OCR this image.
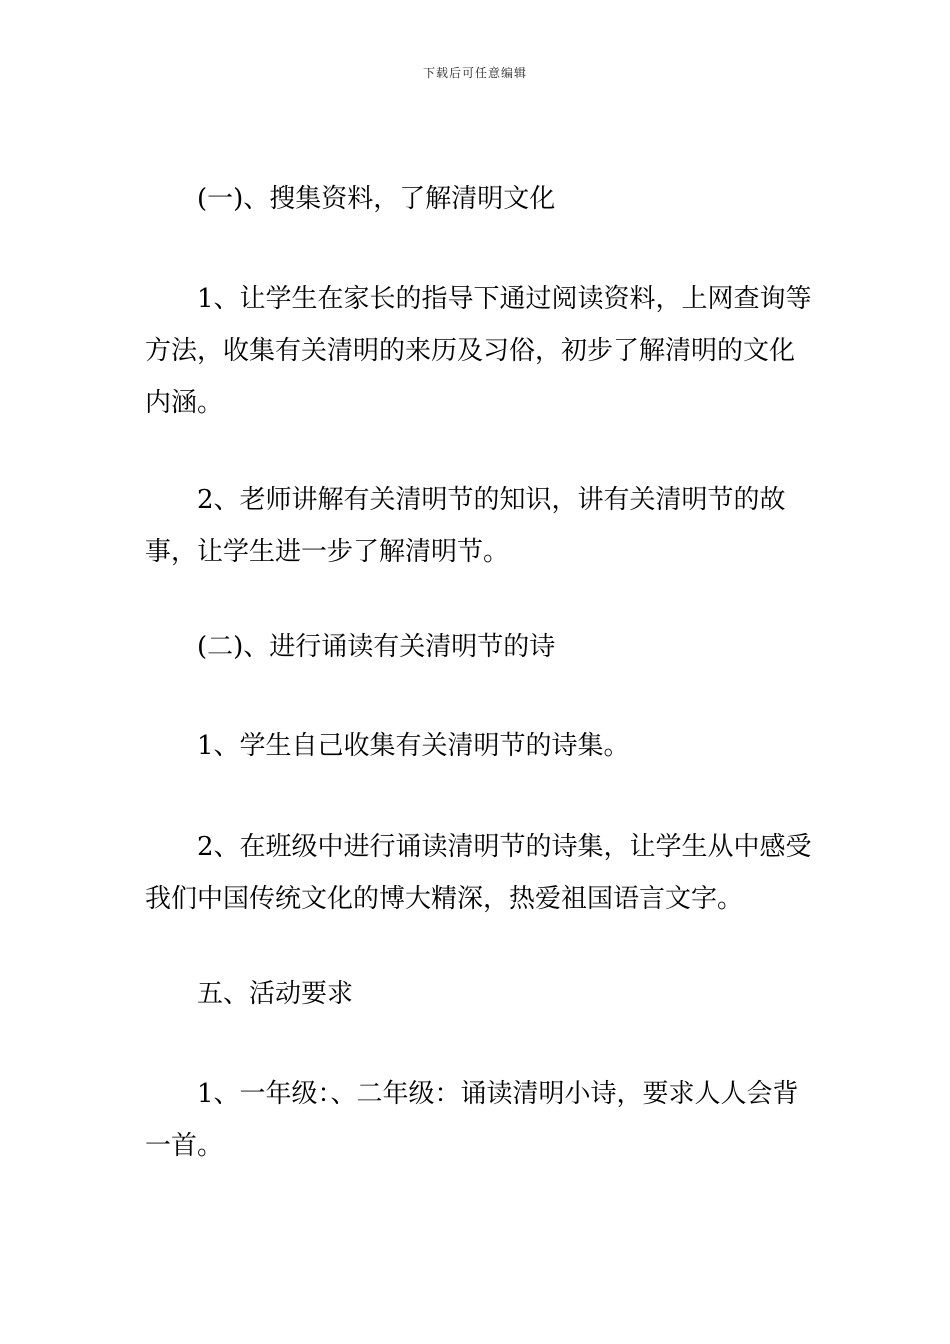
下载后可任意编辑

(一)、搜集资料，了解清明文化

1、让学生在家长的指导下通过阅读资料，上网查询等方法，收集有关清明的来历及习俗，初步了解清明的文化内涵。

2、老师讲解有关清明节的知识，讲有关清明节的故事，让学生进一步了解清明节。

(二)、进行诵读有关清明节的诗

1、学生自己收集有关清明节的诗集。

2、在班级中进行诵读清明节的诗集，让学生从中感受我们中国传统文化的博大精深，热爱祖国语言文字。

五、活动要求

1、一年级：、二年级：诵读清明小诗，要求人人会背一首。
